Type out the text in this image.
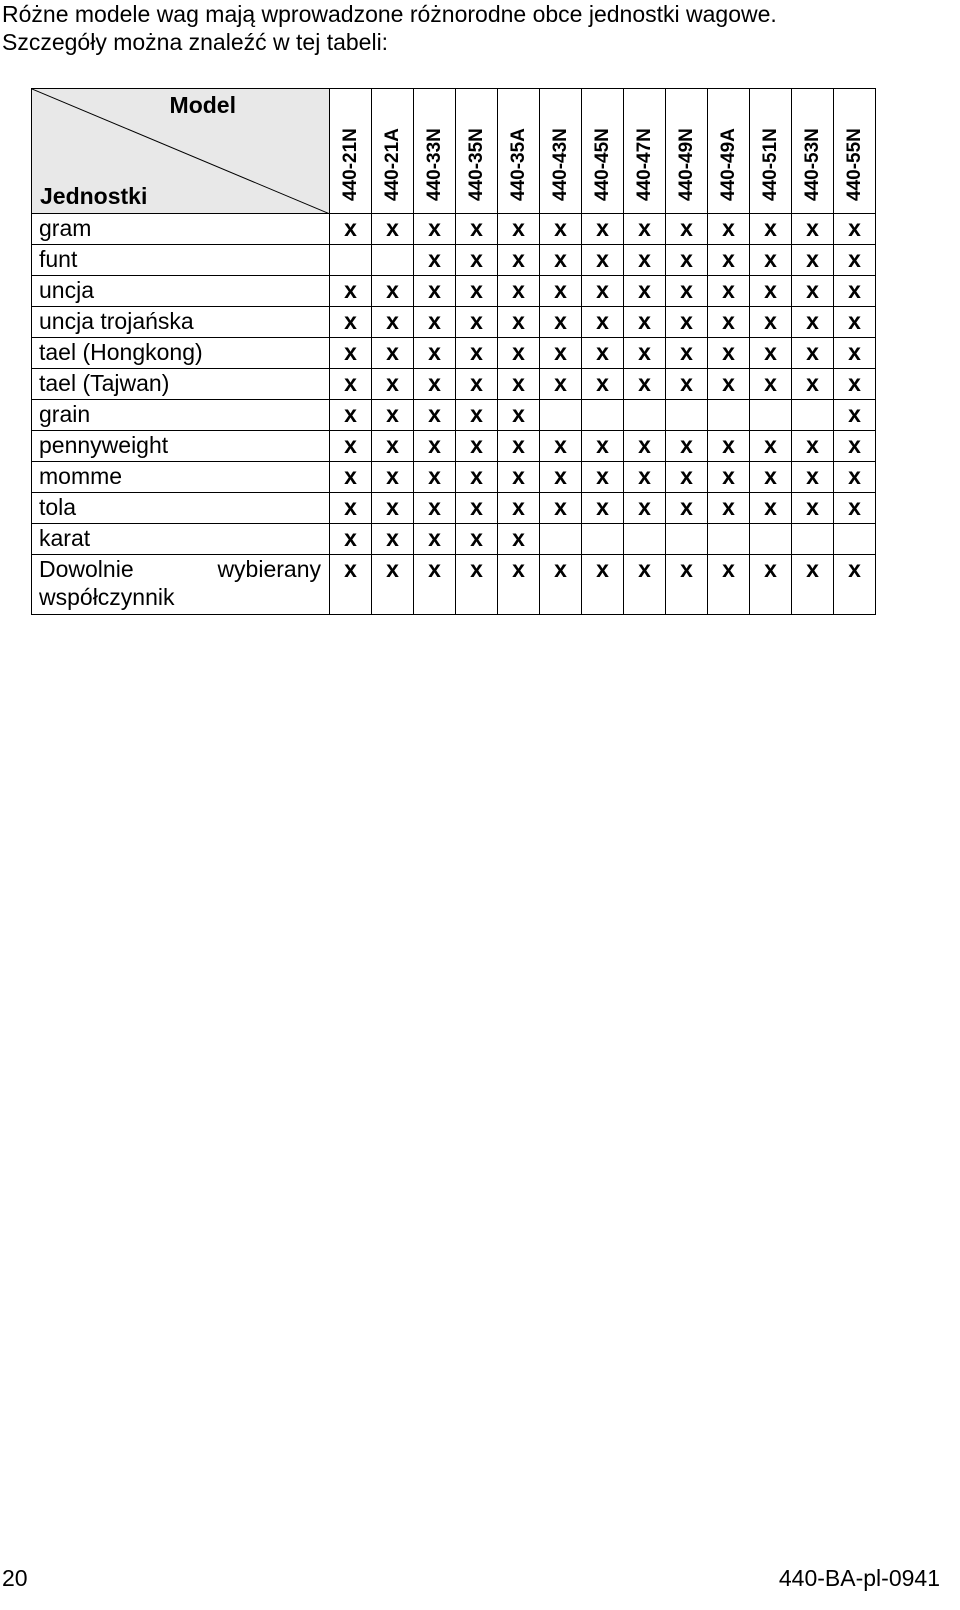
Różne modele wag mają wprowadzone różnorodne obce jednostki wagowe.
Szczegóły można znaleźć w tej tabeli:
Model
Jednostki	440-21N	440-21A	440-33N	440-35N	440-35A	440-43N	440-45N	440-47N	440-49N	440-49A	440-51N	440-53N	440-55N

gram	x	x	x	x	x	x	x	x	x	x	x	x	x
funt			x	x	x	x	x	x	x	x	x	x	x
uncja	x	x	x	x	x	x	x	x	x	x	x	x	x
uncja trojańska	x	x	x	x	x	x	x	x	x	x	x	x	x
tael (Hongkong)	x	x	x	x	x	x	x	x	x	x	x	x	x
tael (Tajwan)	x	x	x	x	x	x	x	x	x	x	x	x	x
grain	x	x	x	x	x								x
pennyweight	x	x	x	x	x	x	x	x	x	x	x	x	x
momme	x	x	x	x	x	x	x	x	x	x	x	x	x
tola	x	x	x	x	x	x	x	x	x	x	x	x	x
karat	x	x	x	x	x								
Dowolnie wybierany współczynnik	x	x	x	x	x	x	x	x	x	x	x	x	x
20	440-BA-pl-0941
